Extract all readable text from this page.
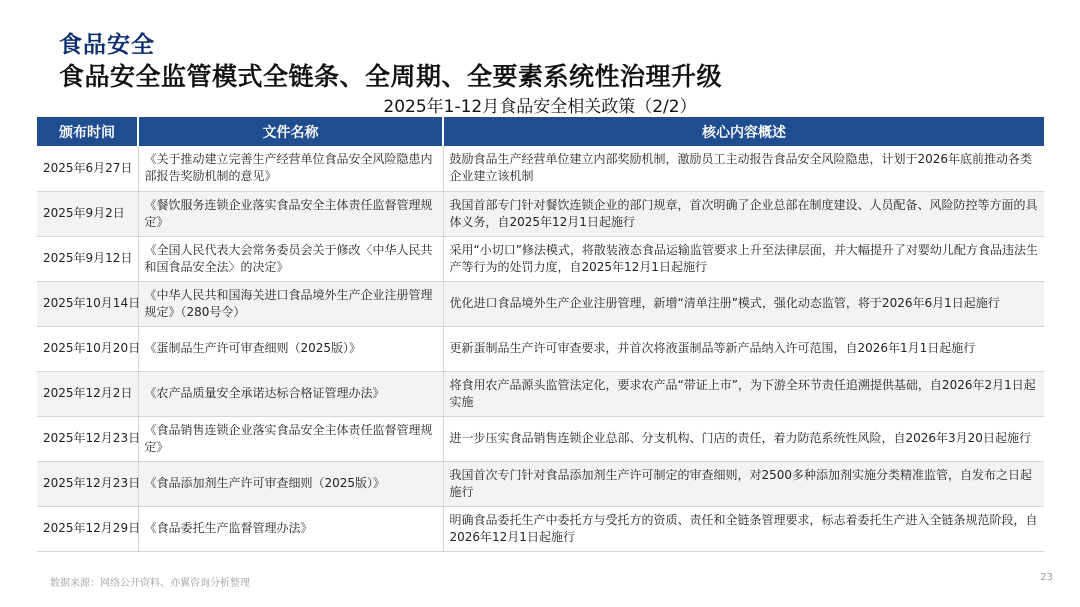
食品安全
食品安全监管模式全链条、全周期、全要素系统性治理升级
2025年1-12月食品安全相关政策（2/2）
颁布时间	文件名称	核心内容概述
2025年6月27日	《关于推动建立完善生产经营单位食品安全风险隐患内部报告奖励机制的意见》	鼓励食品生产经营单位建立内部奖励机制，激励员工主动报告食品安全风险隐患，计划于2026年底前推动各类企业建立该机制
2025年9月2日	《餐饮服务连锁企业落实食品安全主体责任监督管理规定》	我国首部专门针对餐饮连锁企业的部门规章，首次明确了企业总部在制度建设、人员配备、风险防控等方面的具体义务，自2025年12月1日起施行
2025年9月12日	《全国人民代表大会常务委员会关于修改〈中华人民共和国食品安全法〉的决定》	采用“小切口”修法模式，将散装液态食品运输监管要求上升至法律层面，并大幅提升了对婴幼儿配方食品违法生产等行为的处罚力度，自2025年12月1日起施行
2025年10月14日	《中华人民共和国海关进口食品境外生产企业注册管理规定》（280号令）	优化进口食品境外生产企业注册管理，新增“清单注册”模式，强化动态监管，将于2026年6月1日起施行
2025年10月20日	《蛋制品生产许可审查细则（2025版）》	更新蛋制品生产许可审查要求，并首次将液蛋制品等新产品纳入许可范围，自2026年1月1日起施行
2025年12月2日	《农产品质量安全承诺达标合格证管理办法》	将食用农产品源头监管法定化，要求农产品“带证上市”，为下游全环节责任追溯提供基础，自2026年2月1日起实施
2025年12月23日	《食品销售连锁企业落实食品安全主体责任监督管理规定》	进一步压实食品销售连锁企业总部、分支机构、门店的责任，着力防范系统性风险，自2026年3月20日起施行
2025年12月23日	《食品添加剂生产许可审查细则（2025版）》	我国首次专门针对食品添加剂生产许可制定的审查细则，对2500多种添加剂实施分类精准监管，自发布之日起施行
2025年12月29日	《食品委托生产监督管理办法》	明确食品委托生产中委托方与受托方的资质、责任和全链条管理要求，标志着委托生产进入全链条规范阶段，自2026年12月1日起施行
数据来源：网络公开资料、亦翼咨询分析整理
23
